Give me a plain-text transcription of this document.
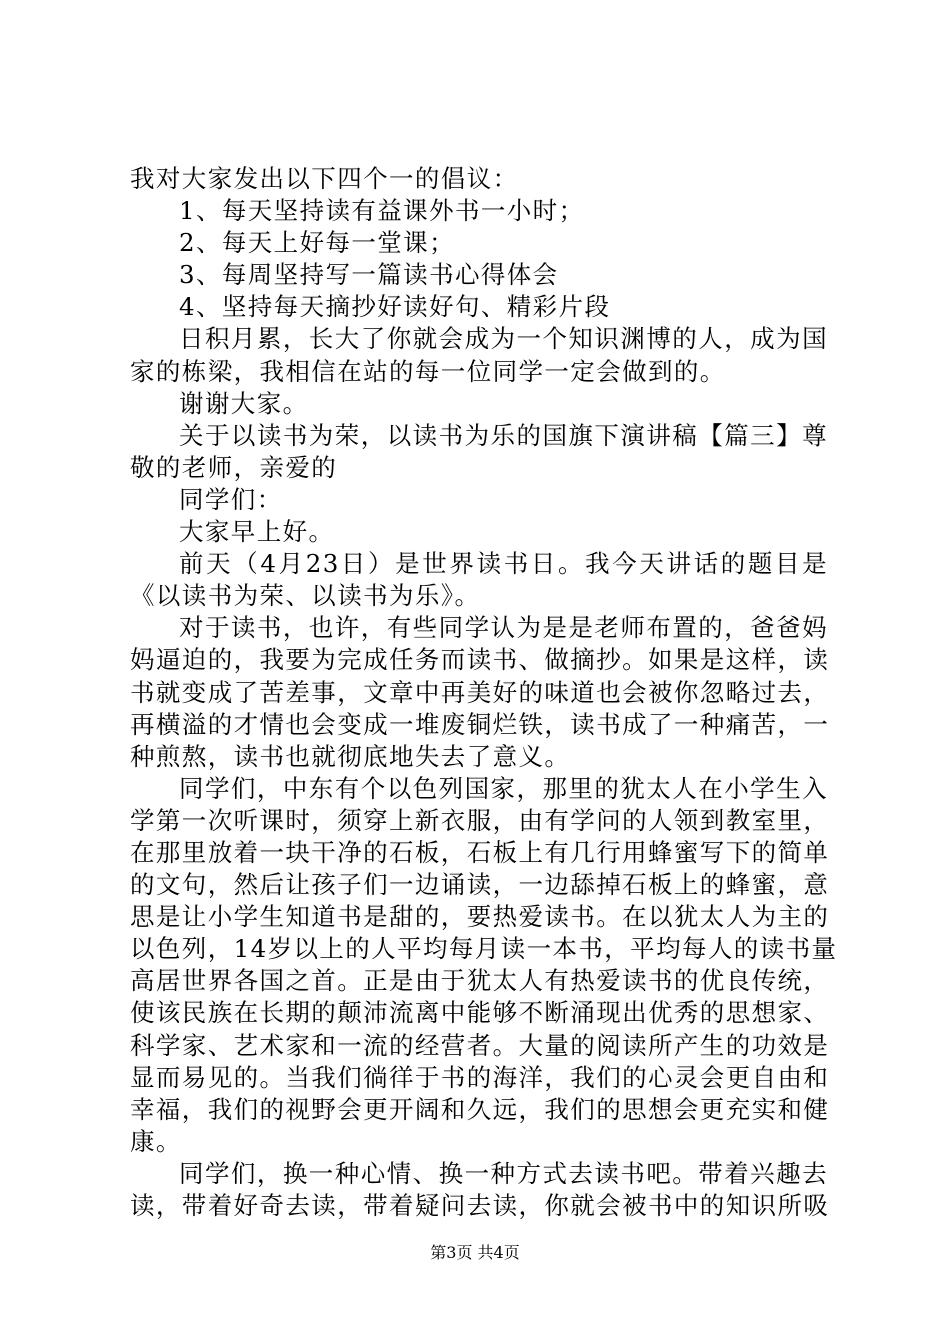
我对大家发出以下四个一的倡议：
1、每天坚持读有益课外书一小时；
2、每天上好每一堂课；
3、每周坚持写一篇读书心得体会
4、坚持每天摘抄好读好句、精彩片段
日积月累，长大了你就会成为一个知识渊博的人，成为国
家的栋梁，我相信在站的每一位同学一定会做到的。
谢谢大家。
关于以读书为荣，以读书为乐的国旗下演讲稿【篇三】尊
敬的老师，亲爱的
同学们：
大家早上好。
前天（4月23日）是世界读书日。我今天讲话的题目是
《以读书为荣、以读书为乐》。
对于读书，也许，有些同学认为是是老师布置的，爸爸妈
妈逼迫的，我要为完成任务而读书、做摘抄。如果是这样，读
书就变成了苦差事，文章中再美好的味道也会被你忽略过去，
再横溢的才情也会变成一堆废铜烂铁，读书成了一种痛苦，一
种煎熬，读书也就彻底地失去了意义。
同学们，中东有个以色列国家，那里的犹太人在小学生入
学第一次听课时，须穿上新衣服，由有学问的人领到教室里，
在那里放着一块干净的石板，石板上有几行用蜂蜜写下的简单
的文句，然后让孩子们一边诵读，一边舔掉石板上的蜂蜜，意
思是让小学生知道书是甜的，要热爱读书。在以犹太人为主的
以色列，14岁以上的人平均每月读一本书，平均每人的读书量
高居世界各国之首。正是由于犹太人有热爱读书的优良传统，
使该民族在长期的颠沛流离中能够不断涌现出优秀的思想家、
科学家、艺术家和一流的经营者。大量的阅读所产生的功效是
显而易见的。当我们徜徉于书的海洋，我们的心灵会更自由和
幸福，我们的视野会更开阔和久远，我们的思想会更充实和健
康。
同学们，换一种心情、换一种方式去读书吧。带着兴趣去
读，带着好奇去读，带着疑问去读，你就会被书中的知识所吸
第3页 共4页
